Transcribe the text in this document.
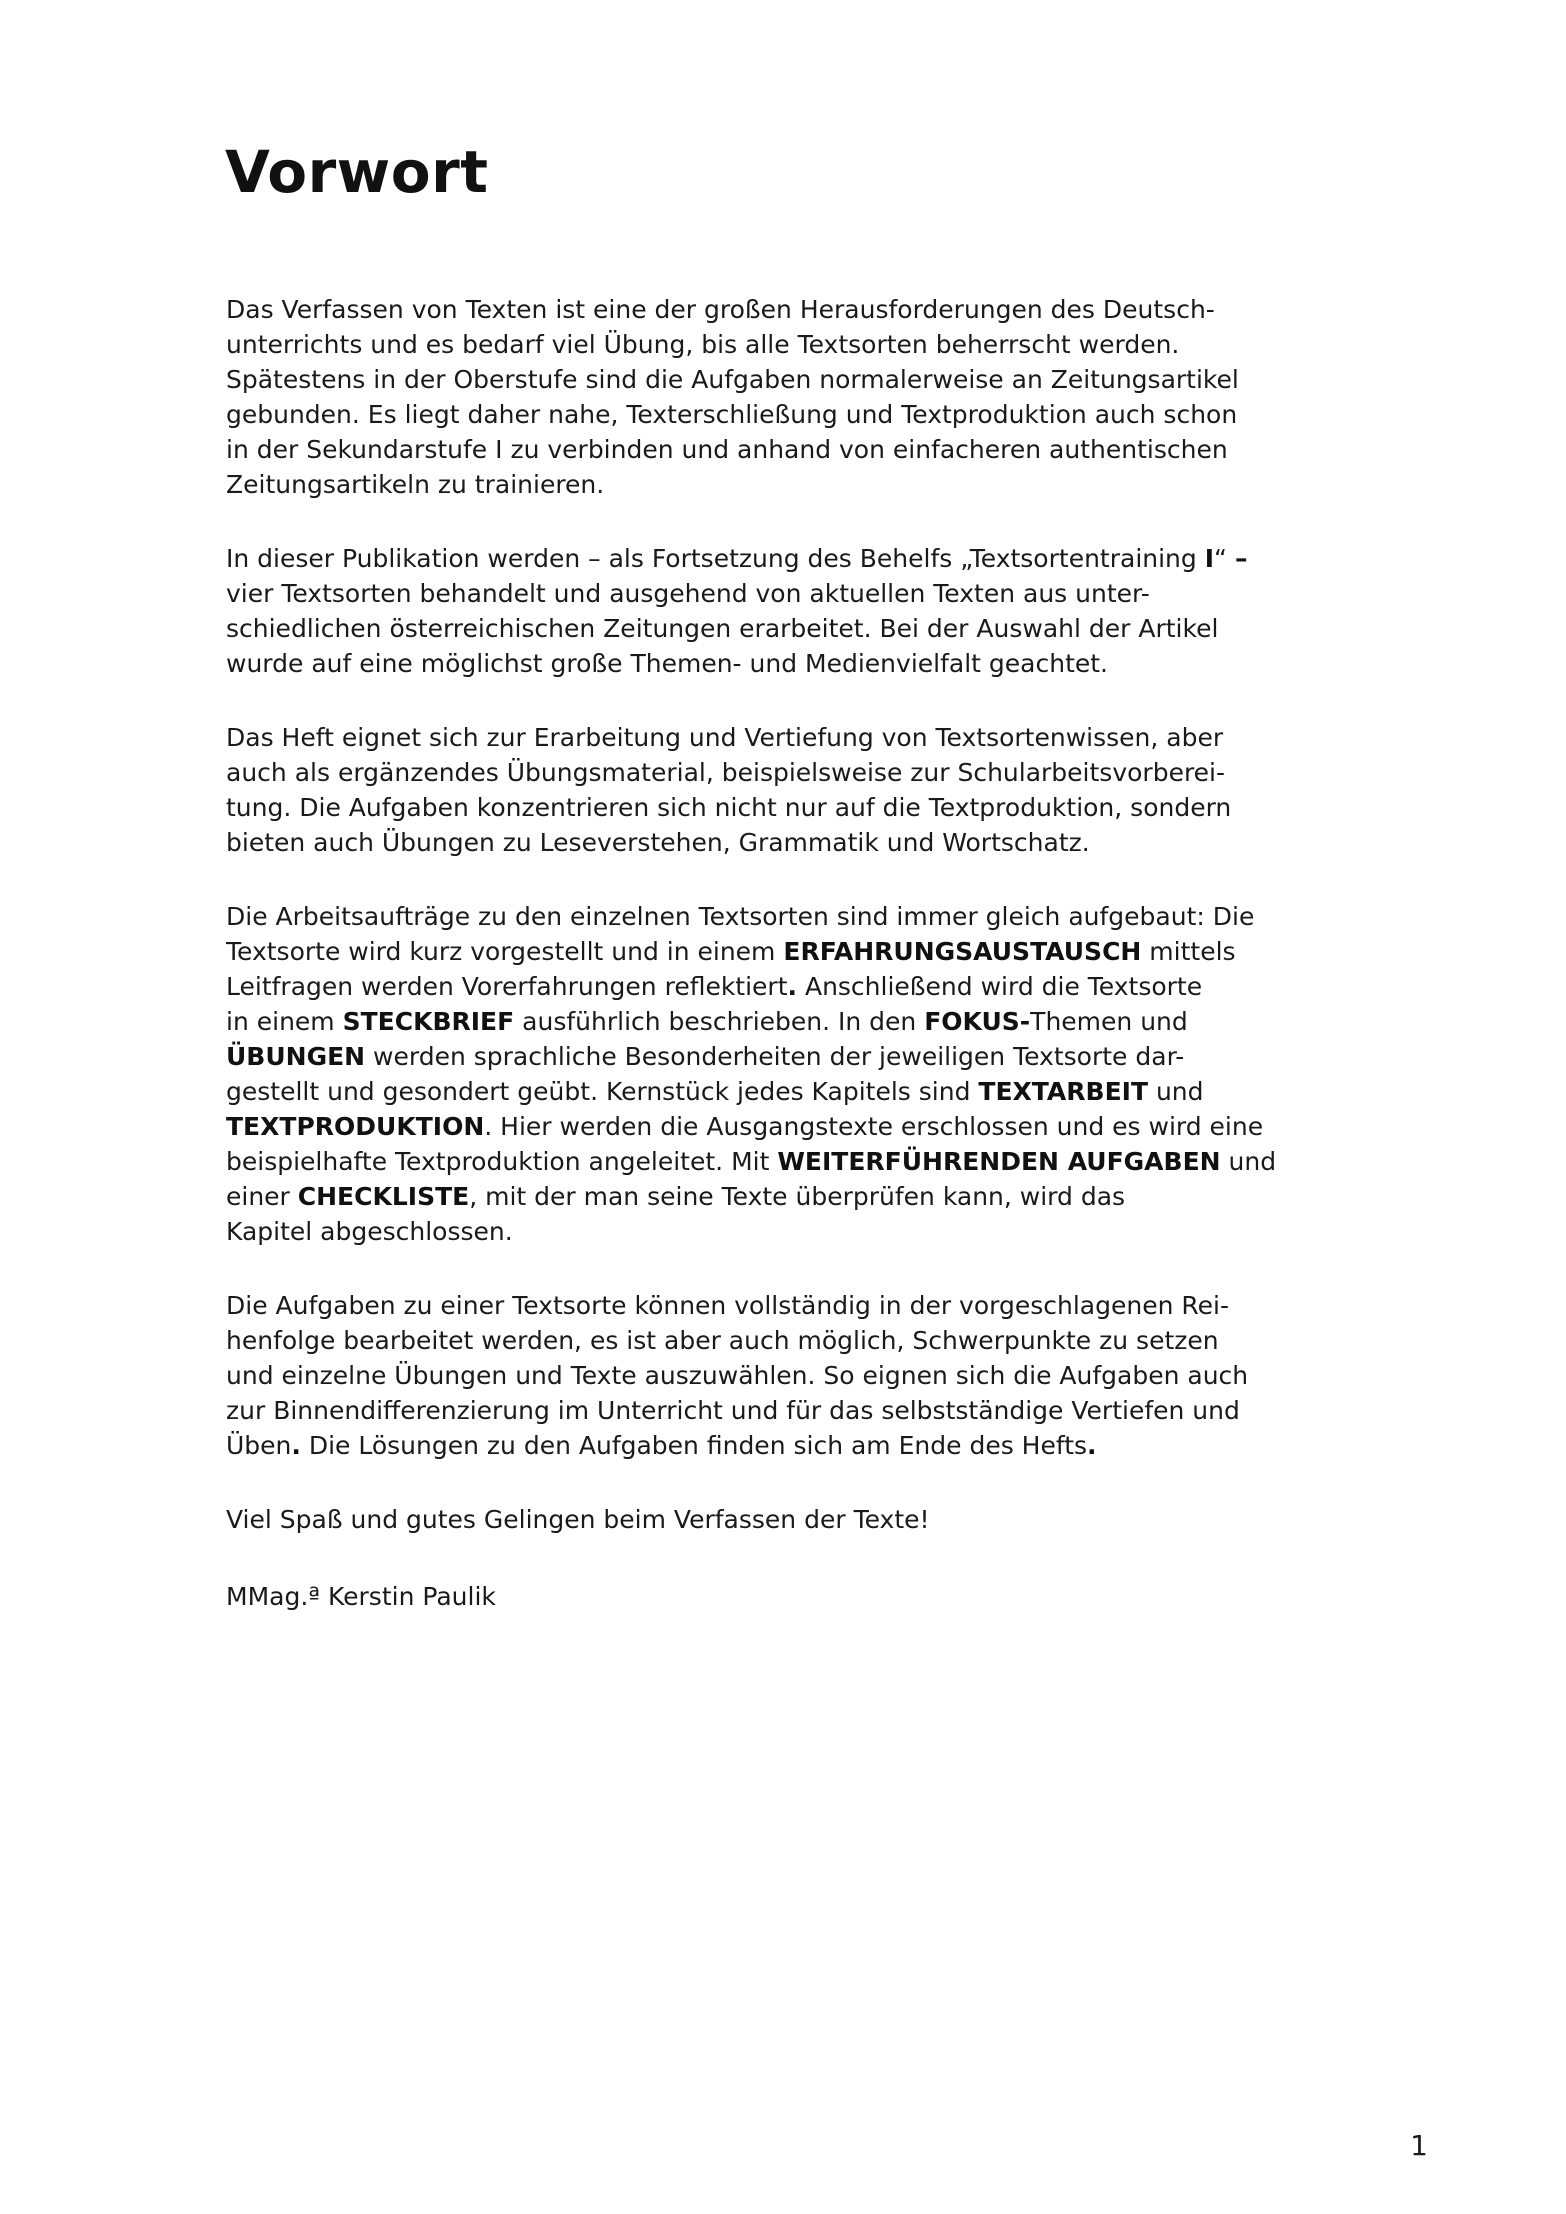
Vorwort

Das Verfassen von Texten ist eine der großen Herausforderungen des Deutsch-
unterrichts und es bedarf viel Übung, bis alle Textsorten beherrscht werden.
Spätestens in der Oberstufe sind die Aufgaben normalerweise an Zeitungsartikel
gebunden. Es liegt daher nahe, Texterschließung und Textproduktion auch schon
in der Sekundarstufe I zu verbinden und anhand von einfacheren authentischen
Zeitungsartikeln zu trainieren.

In dieser Publikation werden – als Fortsetzung des Behelfs „Textsortentraining I“ –
vier Textsorten behandelt und ausgehend von aktuellen Texten aus unter-
schiedlichen österreichischen Zeitungen erarbeitet. Bei der Auswahl der Artikel
wurde auf eine möglichst große Themen- und Medienvielfalt geachtet.

Das Heft eignet sich zur Erarbeitung und Vertiefung von Textsortenwissen, aber
auch als ergänzendes Übungsmaterial, beispielsweise zur Schularbeitsvorberei-
tung. Die Aufgaben konzentrieren sich nicht nur auf die Textproduktion, sondern
bieten auch Übungen zu Leseverstehen, Grammatik und Wortschatz.

Die Arbeitsaufträge zu den einzelnen Textsorten sind immer gleich aufgebaut: Die
Textsorte wird kurz vorgestellt und in einem ERFAHRUNGSAUSTAUSCH mittels
Leitfragen werden Vorerfahrungen reflektiert. Anschließend wird die Textsorte
in einem STECKBRIEF ausführlich beschrieben. In den FOKUS-Themen und
ÜBUNGEN werden sprachliche Besonderheiten der jeweiligen Textsorte dar-
gestellt und gesondert geübt. Kernstück jedes Kapitels sind TEXTARBEIT und
TEXTPRODUKTION. Hier werden die Ausgangstexte erschlossen und es wird eine
beispielhafte Textproduktion angeleitet. Mit WEITERFÜHRENDEN AUFGABEN und
einer CHECKLISTE, mit der man seine Texte überprüfen kann, wird das
Kapitel abgeschlossen.

Die Aufgaben zu einer Textsorte können vollständig in der vorgeschlagenen Rei-
henfolge bearbeitet werden, es ist aber auch möglich, Schwerpunkte zu setzen
und einzelne Übungen und Texte auszuwählen. So eignen sich die Aufgaben auch
zur Binnendifferenzierung im Unterricht und für das selbstständige Vertiefen und
Üben. Die Lösungen zu den Aufgaben finden sich am Ende des Hefts.

Viel Spaß und gutes Gelingen beim Verfassen der Texte!

MMag.ª Kerstin Paulik

1
